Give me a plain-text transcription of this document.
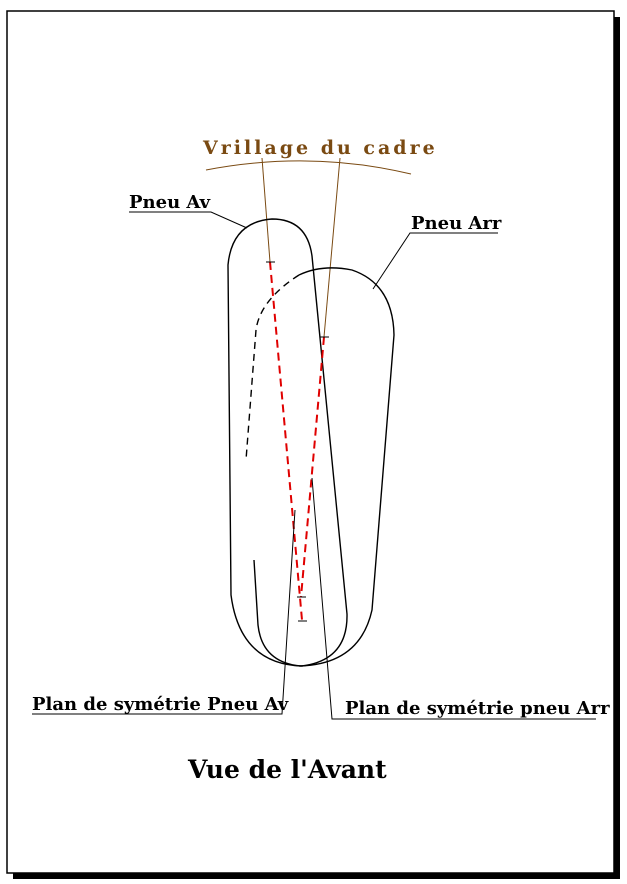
Vrillage du cadre
Pneu Av
Pneu Arr
Plan de symétrie Pneu Av	Plan de symétrie pneu Arr
Vue de l'Avant
